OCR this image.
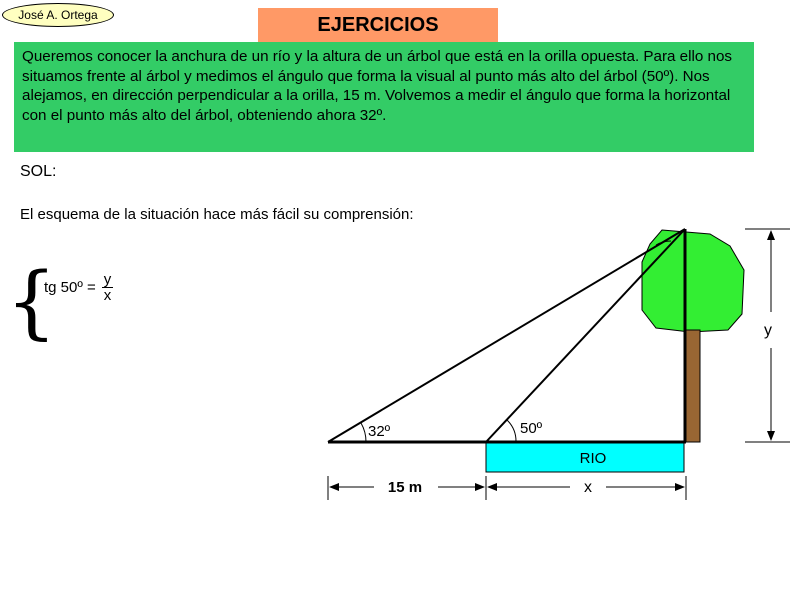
José A. Ortega	EJERCICIOS
Queremos conocer la anchura de un río y la altura de un árbol que está en la orilla opuesta. Para ello nos situamos frente al árbol y medimos el ángulo que forma la visual al punto más alto del árbol (50º). Nos alejamos, en dirección perpendicular a la orilla, 15 m. Volvemos a medir el ángulo que forma la horizontal con el punto más alto del árbol, obteniendo ahora 32º.
SOL:
El esquema de la situación hace más fácil su comprensión:
{
tg 50º = $\frac{y}{x}$
RIO
32º	50º
y
15 m	x
